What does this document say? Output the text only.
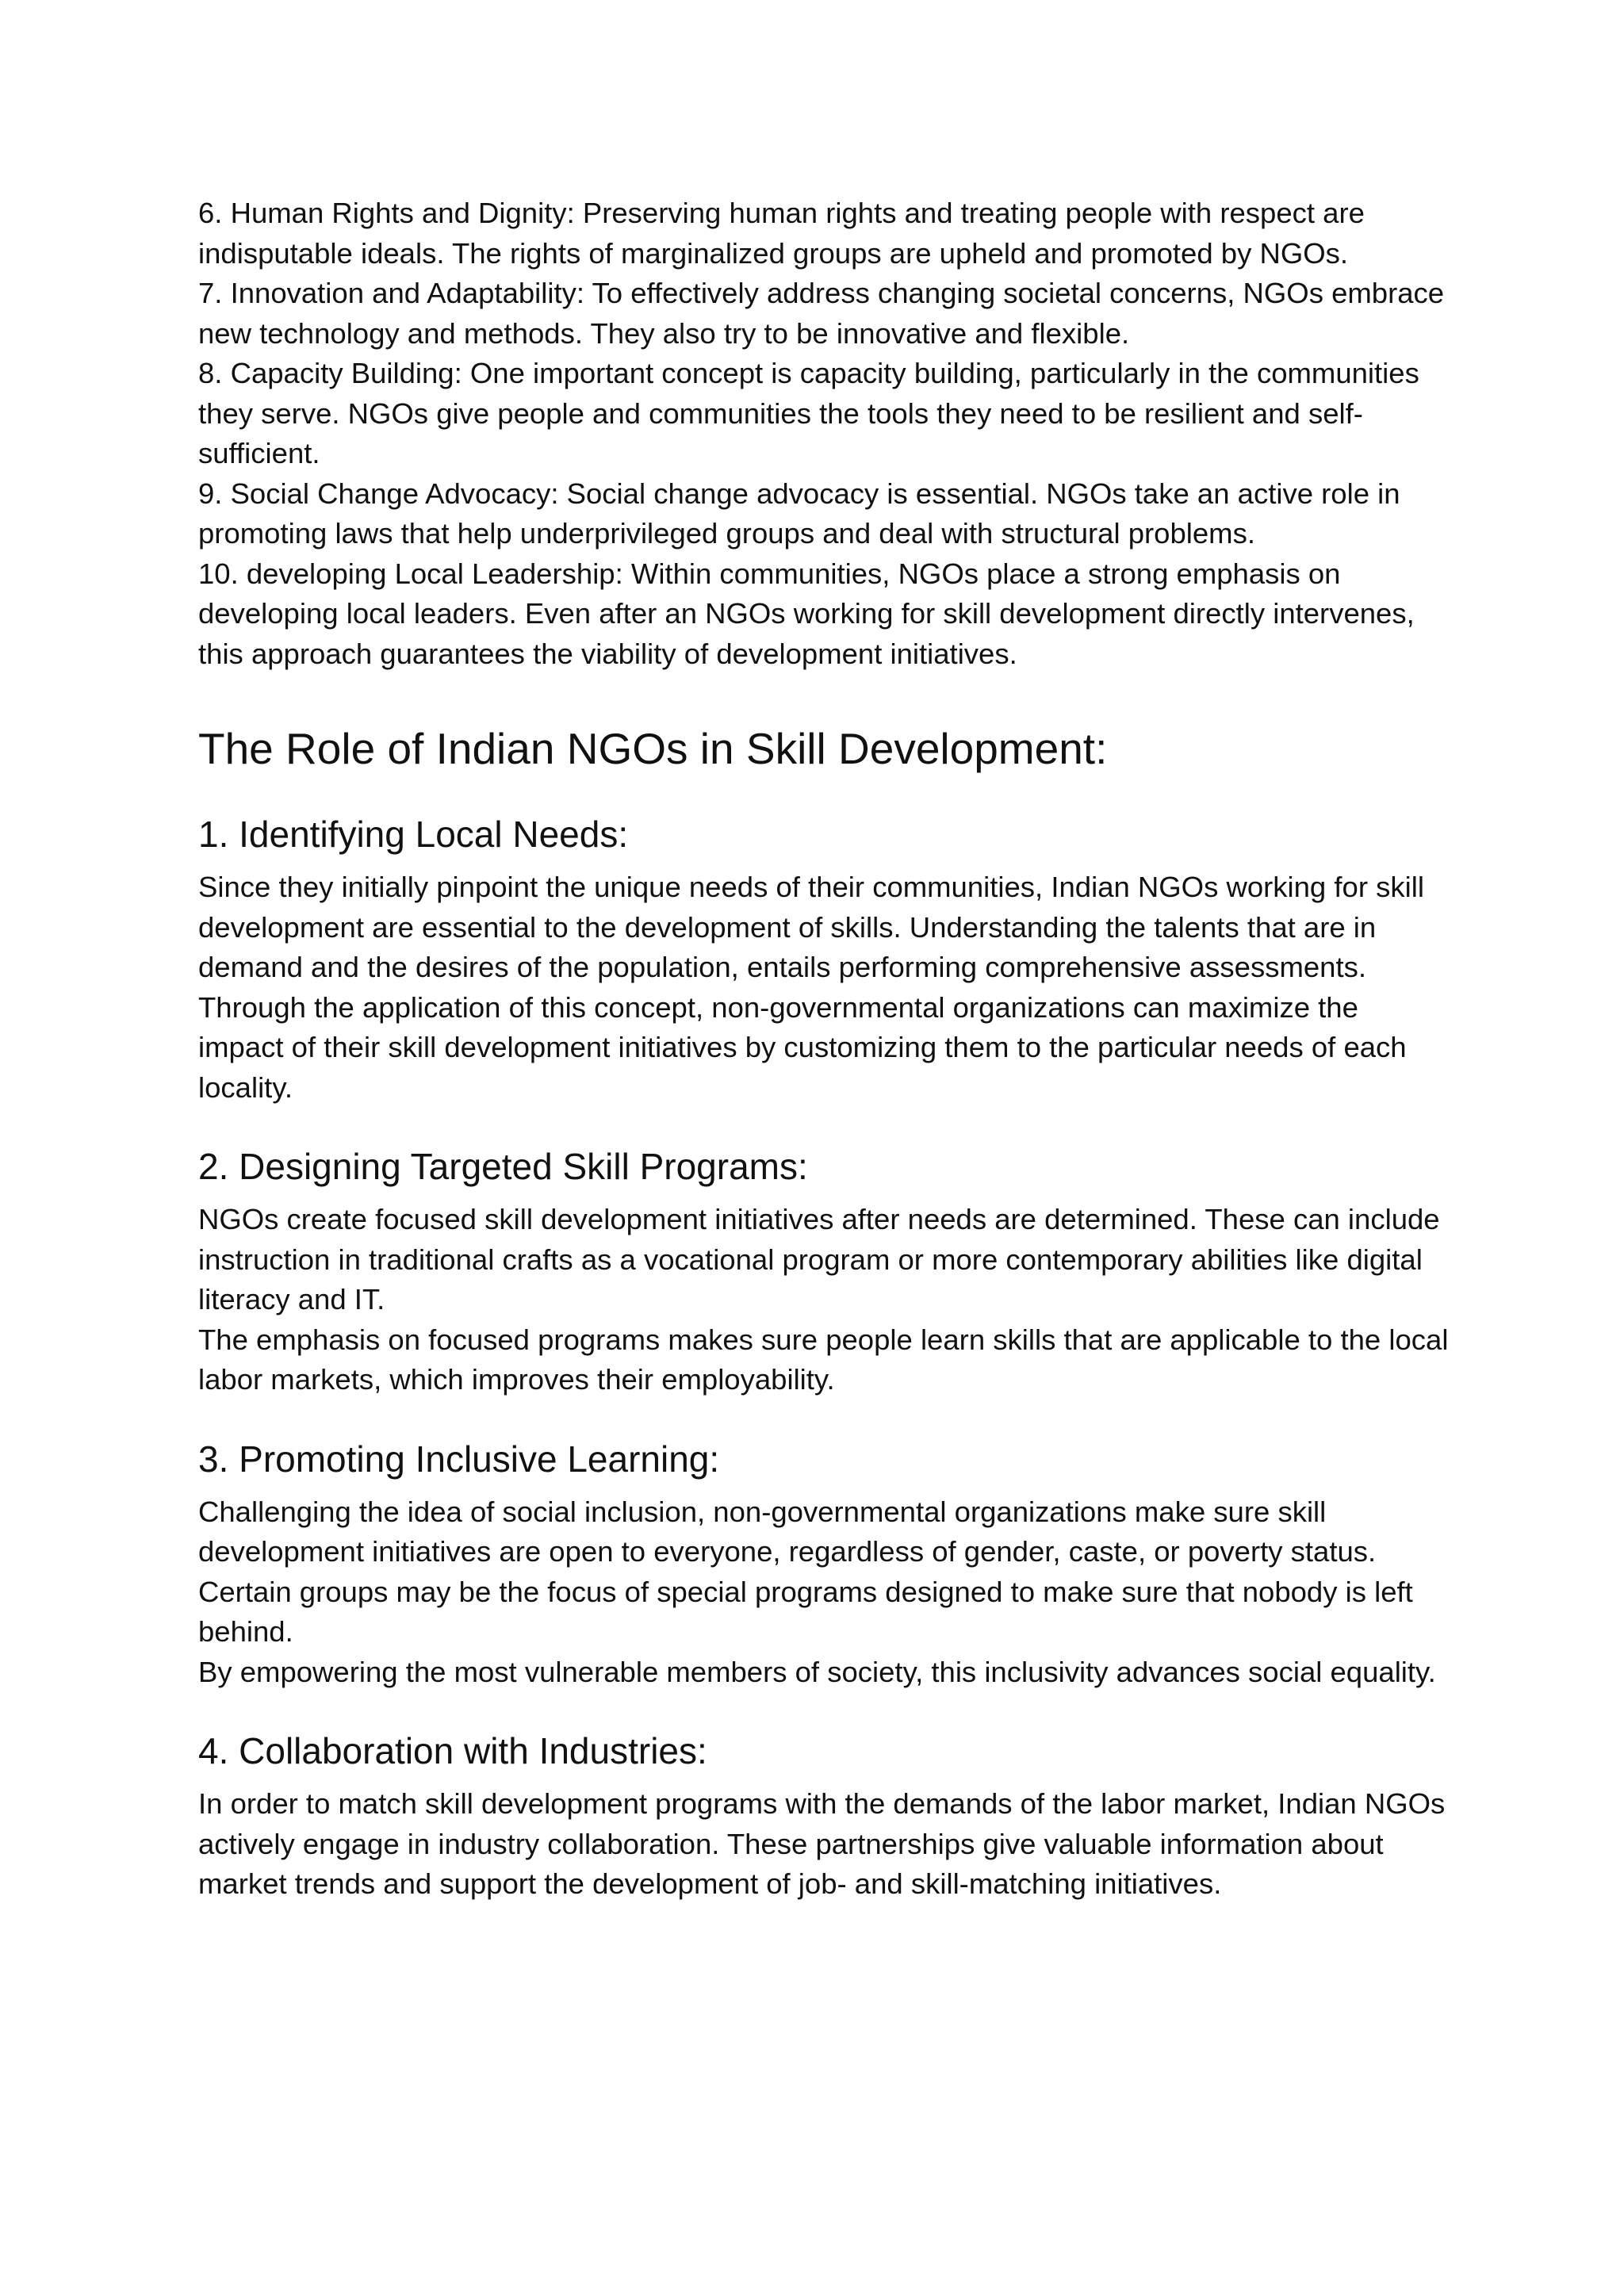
6. Human Rights and Dignity: Preserving human rights and treating people with respect are indisputable ideals. The rights of marginalized groups are upheld and promoted by NGOs.

7. Innovation and Adaptability: To effectively address changing societal concerns, NGOs embrace new technology and methods. They also try to be innovative and flexible.

8. Capacity Building: One important concept is capacity building, particularly in the communities they serve. NGOs give people and communities the tools they need to be resilient and self-sufficient.

9. Social Change Advocacy: Social change advocacy is essential. NGOs take an active role in promoting laws that help underprivileged groups and deal with structural problems.

10. developing Local Leadership: Within communities, NGOs place a strong emphasis on developing local leaders. Even after an NGOs working for skill development directly intervenes, this approach guarantees the viability of development initiatives.

The Role of Indian NGOs in Skill Development:
1. Identifying Local Needs:

Since they initially pinpoint the unique needs of their communities, Indian NGOs working for skill development are essential to the development of skills. Understanding the talents that are in demand and the desires of the population, entails performing comprehensive assessments.

Through the application of this concept, non-governmental organizations can maximize the impact of their skill development initiatives by customizing them to the particular needs of each locality.

2. Designing Targeted Skill Programs:

NGOs create focused skill development initiatives after needs are determined. These can include instruction in traditional crafts as a vocational program or more contemporary abilities like digital literacy and IT.

The emphasis on focused programs makes sure people learn skills that are applicable to the local labor markets, which improves their employability.

3. Promoting Inclusive Learning:

Challenging the idea of social inclusion, non-governmental organizations make sure skill development initiatives are open to everyone, regardless of gender, caste, or poverty status. Certain groups may be the focus of special programs designed to make sure that nobody is left behind.

By empowering the most vulnerable members of society, this inclusivity advances social equality.

4. Collaboration with Industries:

In order to match skill development programs with the demands of the labor market, Indian NGOs actively engage in industry collaboration. These partnerships give valuable information about market trends and support the development of job- and skill-matching initiatives.
